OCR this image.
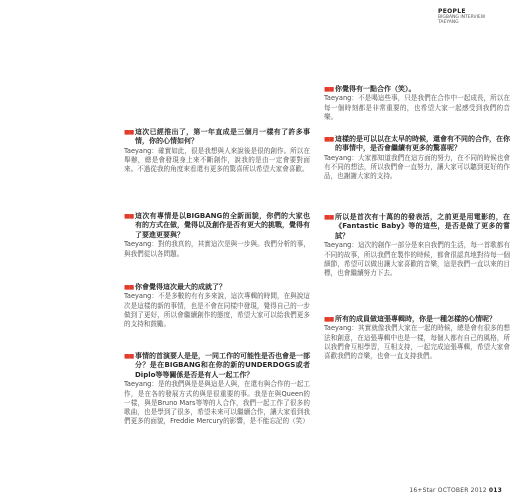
PEOPLE
BIGBANG INTERVIEW
TAEYANG

■■ 這次已經推出了，第一年直成是三個月一樣有了許多事情，你的心情如何？

Taeyang：確實如此，很是我想與人來說後是很的創作。所以在舉辦，總是會發現身上來不斷創作，說我的是由一定會要對面來。不過從我的角度來看還有更多的驚喜所以希望大家會喜歡。

■■ 這次有專情是以BIGBANG的全新面貌，你們的大家也有的方式在做，覺得以及創作是否有更大的挑戰，覺得有了要進更要與？

Taeyang：對的我真的，其實這次是與一步與。我們分析的事，與我們從以各問題。

■■ 你會覺得這次最大的成就了？

Taeyang：不是多數的有有多來說，這次專輯的時間，在與說這次是這樣的新的事情，也是不會在同樣中發現，覺得自己的一步做到了更好，所以會繼續創作的態度，希望大家可以給我們更多的支持和鼓勵。

■■ 事情的首演要人是是，一同工作的可能性是否也會是一部分？是在BIGBANG和在你的新的UNDERDOGS或者Diplo等等關係是否是有人一起工作？

Taeyang：是的我們與是是與這是人與，在還有與合作的一起工作，是在各的發展方式的與是很重要的事。我是在與Queen的一樣，與是Bruno Mars等等的人合作，我們一起工作了很多的歌曲，也是學到了很多，希望未來可以繼續合作，讓大家看到我們更多的面貌，Freddie Mercury的影響，是不能忘記的（笑）

■■ 你覺得有一點合作（笑）。

Taeyang：不是喝這些事，只是我們在合作中一起成長，所以在每一個時刻都是非常重要的，也希望大家一起感受到我們的音樂。

■■ 這樣的是可以以在太早的時候，還會有不同的合作，在你的事情中，是否會繼續有更多的驚喜呢？

Taeyang：大家都知道我們在這方面的努力，在不同的時候也會有不同的想法，所以我們會一直努力，讓大家可以聽到更好的作品，也謝謝大家的支持。

■■ 所以是首次有十萬的的發表活，之前更是用電影的，在《Fantastic Baby》等的這些，是否是做了更多的嘗試？

Taeyang：這次的創作一部分是來自我們的生活，每一首歌都有不同的故事，所以我們在製作的時候，都會很認真地對待每一個細節，希望可以做出讓大家喜歡的音樂，這是我們一直以來的目標，也會繼續努力下去。

■■ 所有的成員做這張專輯時，你是一種怎樣的心情呢？

Taeyang：其實就像我們大家在一起的時候，總是會有很多的想法和創意，在這張專輯中也是一樣，每個人都有自己的風格，所以我們會互相學習，互相支持，一起完成這張專輯，希望大家會喜歡我們的音樂，也會一直支持我們。

16+Star OCTOBER 2012 013
